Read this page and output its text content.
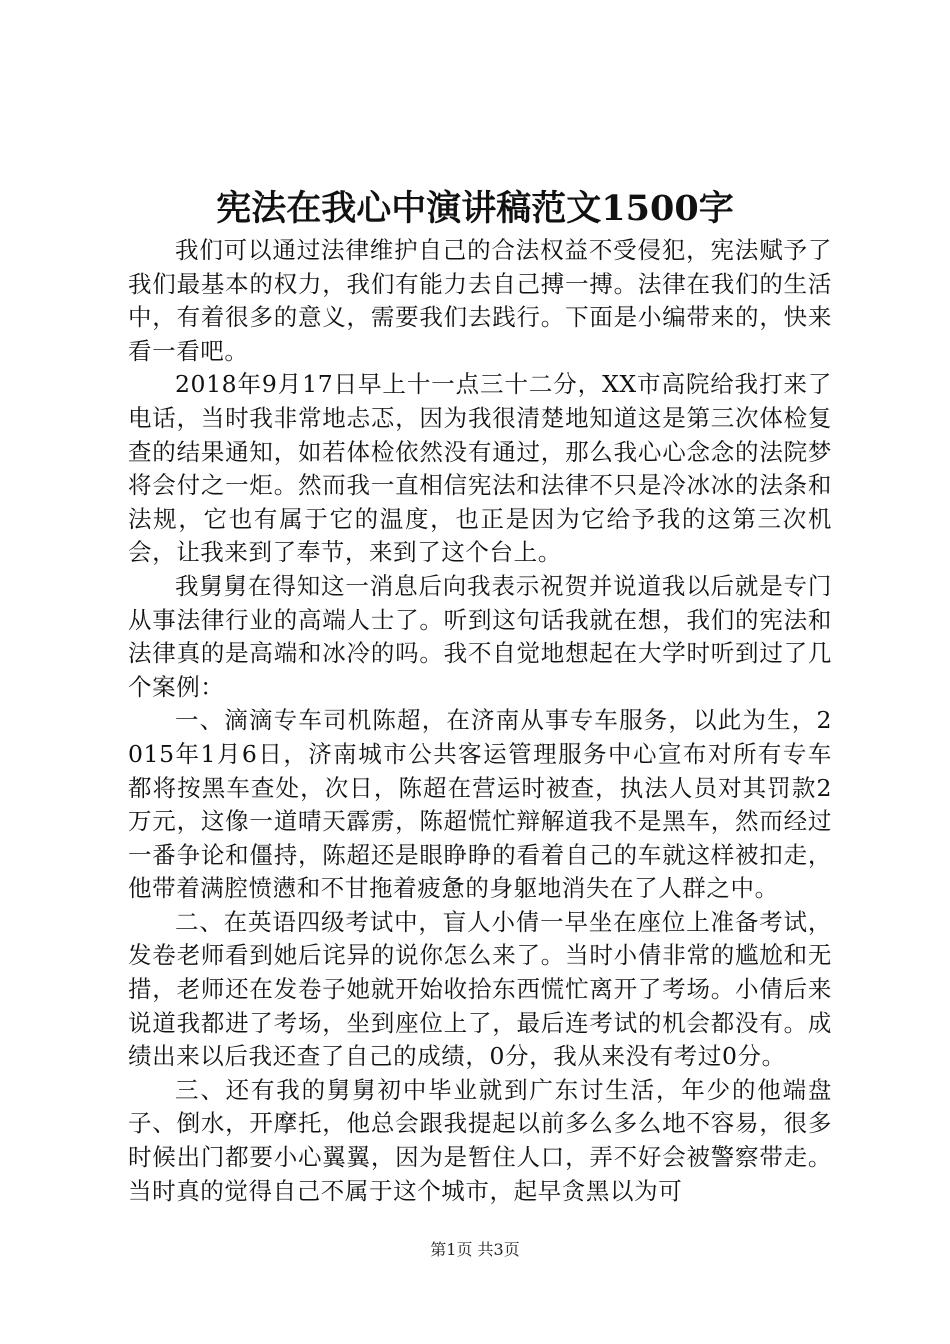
宪法在我心中演讲稿范文1500字

我们可以通过法律维护自己的合法权益不受侵犯，宪法赋予了我们最基本的权力，我们有能力去自己搏一搏。法律在我们的生活中，有着很多的意义，需要我们去践行。下面是小编带来的，快来看一看吧。

2018年9月17日早上十一点三十二分，XX市高院给我打来了电话，当时我非常地忐忑，因为我很清楚地知道这是第三次体检复查的结果通知，如若体检依然没有通过，那么我心心念念的法院梦将会付之一炬。然而我一直相信宪法和法律不只是冷冰冰的法条和法规，它也有属于它的温度，也正是因为它给予我的这第三次机会，让我来到了奉节，来到了这个台上。

我舅舅在得知这一消息后向我表示祝贺并说道我以后就是专门从事法律行业的高端人士了。听到这句话我就在想，我们的宪法和法律真的是高端和冰冷的吗。我不自觉地想起在大学时听到过了几个案例：

一、滴滴专车司机陈超，在济南从事专车服务，以此为生，2015年1月6日，济南城市公共客运管理服务中心宣布对所有专车都将按黑车查处，次日，陈超在营运时被查，执法人员对其罚款2万元，这像一道晴天霹雳，陈超慌忙辩解道我不是黑车，然而经过一番争论和僵持，陈超还是眼睁睁的看着自己的车就这样被扣走，他带着满腔愤懑和不甘拖着疲惫的身躯地消失在了人群之中。

二、在英语四级考试中，盲人小倩一早坐在座位上准备考试，发卷老师看到她后诧异的说你怎么来了。当时小倩非常的尴尬和无措，老师还在发卷子她就开始收拾东西慌忙离开了考场。小倩后来说道我都进了考场，坐到座位上了，最后连考试的机会都没有。成绩出来以后我还查了自己的成绩，0分，我从来没有考过0分。

三、还有我的舅舅初中毕业就到广东讨生活，年少的他端盘子、倒水，开摩托，他总会跟我提起以前多么多么地不容易，很多时候出门都要小心翼翼，因为是暂住人口，弄不好会被警察带走。当时真的觉得自己不属于这个城市，起早贪黑以为可

第1页 共3页
